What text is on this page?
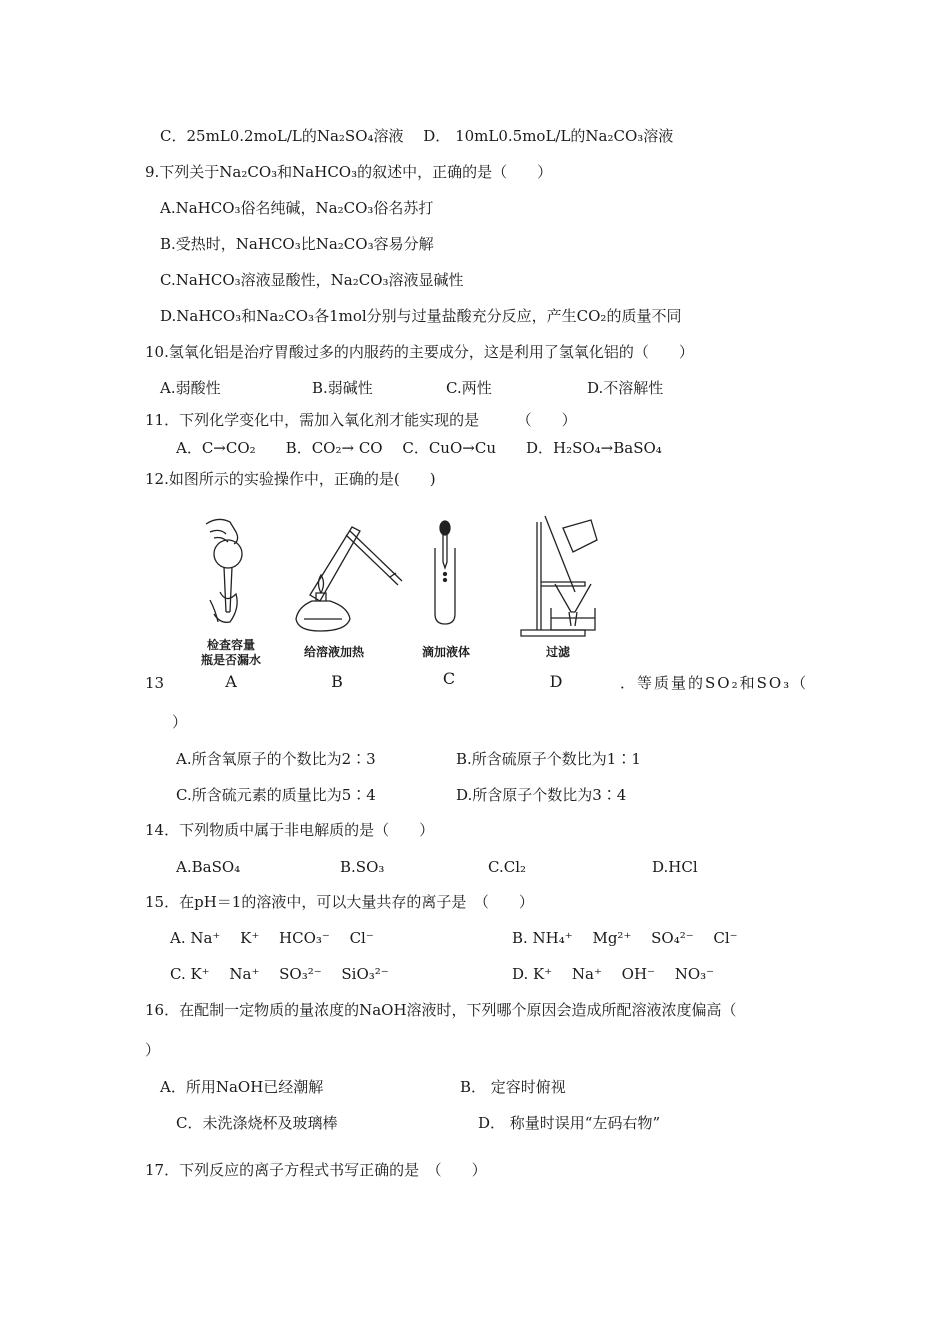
C．25mL0.2moL/L的Na₂SO₄溶液　 D． 10mL0.5moL/L的Na₂CO₃溶液
9.下列关于Na₂CO₃和NaHCO₃的叙述中，正确的是（　　）
A.NaHCO₃俗名纯碱，Na₂CO₃俗名苏打
B.受热时，NaHCO₃比Na₂CO₃容易分解
C.NaHCO₃溶液显酸性，Na₂CO₃溶液显碱性
D.NaHCO₃和Na₂CO₃各1mol分别与过量盐酸充分反应，产生CO₂的质量不同
10.氢氧化铝是治疗胃酸过多的内服药的主要成分，这是利用了氢氧化铝的（　　）
A.弱酸性	B.弱碱性	C.两性	D.不溶解性
11．下列化学变化中，需加入氧化剂才能实现的是　　　（　　）
A．C→CO₂　　B．CO₂→ CO　 C．CuO→Cu　　D．H₂SO₄→BaSO₄
12.如图所示的实验操作中，正确的是(　　)
检查容量
瓶是否漏水
给溶液加热	滴加液体	过滤
13	A	B	C	D	．等质量的SO₂和SO₃（
）
A.所含氧原子的个数比为2∶3	B.所含硫原子个数比为1∶1
C.所含硫元素的质量比为5∶4	D.所含原子个数比为3∶4
14．下列物质中属于非电解质的是（　　）
A.BaSO₄	B.SO₃	C.Cl₂	D.HCl
15．在pH＝1的溶液中，可以大量共存的离子是　（　　）
A. Na⁺　 K⁺　 HCO₃⁻　 Cl⁻	B. NH₄⁺　 Mg²⁺　 SO₄²⁻　 Cl⁻
C. K⁺　 Na⁺　 SO₃²⁻　 SiO₃²⁻	D. K⁺　 Na⁺　 OH⁻　 NO₃⁻
16．在配制一定物质的量浓度的NaOH溶液时，下列哪个原因会造成所配溶液浓度偏高（
）
A．所用NaOH已经潮解	B． 定容时俯视
C．未洗涤烧杯及玻璃棒	D． 称量时误用“左码右物”
17．下列反应的离子方程式书写正确的是　（　　）
